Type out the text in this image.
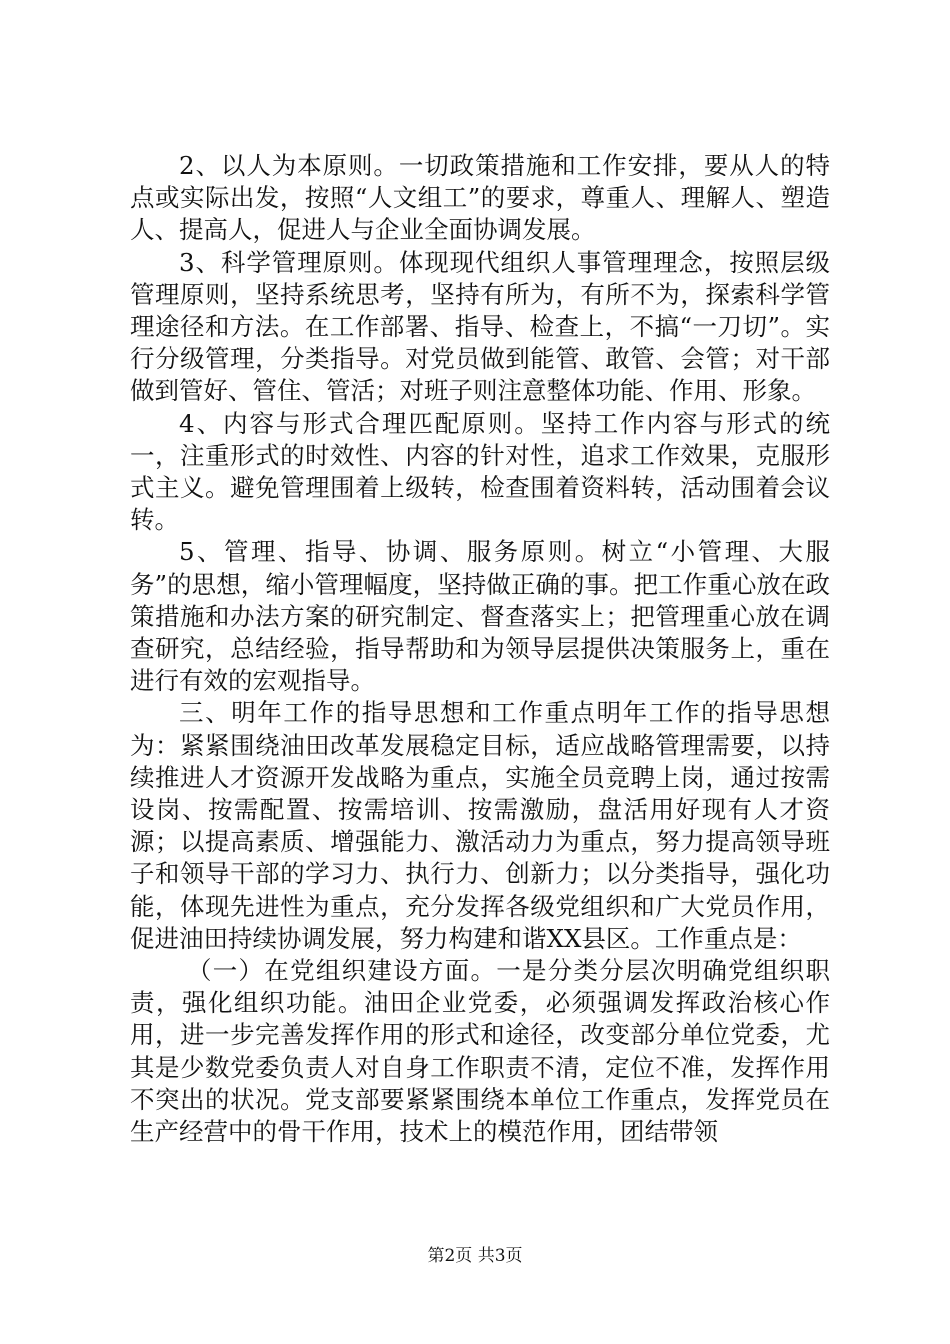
2、以人为本原则。一切政策措施和工作安排，要从人的特点或实际出发，按照“人文组工”的要求，尊重人、理解人、塑造人、提高人，促进人与企业全面协调发展。

3、科学管理原则。体现现代组织人事管理理念，按照层级管理原则，坚持系统思考，坚持有所为，有所不为，探索科学管理途径和方法。在工作部署、指导、检查上，不搞“一刀切”。实行分级管理，分类指导。对党员做到能管、敢管、会管；对干部做到管好、管住、管活；对班子则注意整体功能、作用、形象。

4、内容与形式合理匹配原则。坚持工作内容与形式的统一，注重形式的时效性、内容的针对性，追求工作效果，克服形式主义。避免管理围着上级转，检查围着资料转，活动围着会议转。

5、管理、指导、协调、服务原则。树立“小管理、大服务”的思想，缩小管理幅度，坚持做正确的事。把工作重心放在政策措施和办法方案的研究制定、督查落实上；把管理重心放在调查研究，总结经验，指导帮助和为领导层提供决策服务上，重在进行有效的宏观指导。

三、明年工作的指导思想和工作重点明年工作的指导思想为：紧紧围绕油田改革发展稳定目标，适应战略管理需要，以持续推进人才资源开发战略为重点，实施全员竞聘上岗，通过按需设岗、按需配置、按需培训、按需激励，盘活用好现有人才资源；以提高素质、增强能力、激活动力为重点，努力提高领导班子和领导干部的学习力、执行力、创新力；以分类指导，强化功能，体现先进性为重点，充分发挥各级党组织和广大党员作用，促进油田持续协调发展，努力构建和谐XX县区。工作重点是：

（一）在党组织建设方面。一是分类分层次明确党组织职责，强化组织功能。油田企业党委，必须强调发挥政治核心作用，进一步完善发挥作用的形式和途径，改变部分单位党委，尤其是少数党委负责人对自身工作职责不清，定位不准，发挥作用不突出的状况。党支部要紧紧围绕本单位工作重点，发挥党员在生产经营中的骨干作用，技术上的模范作用，团结带领

第2页 共3页
